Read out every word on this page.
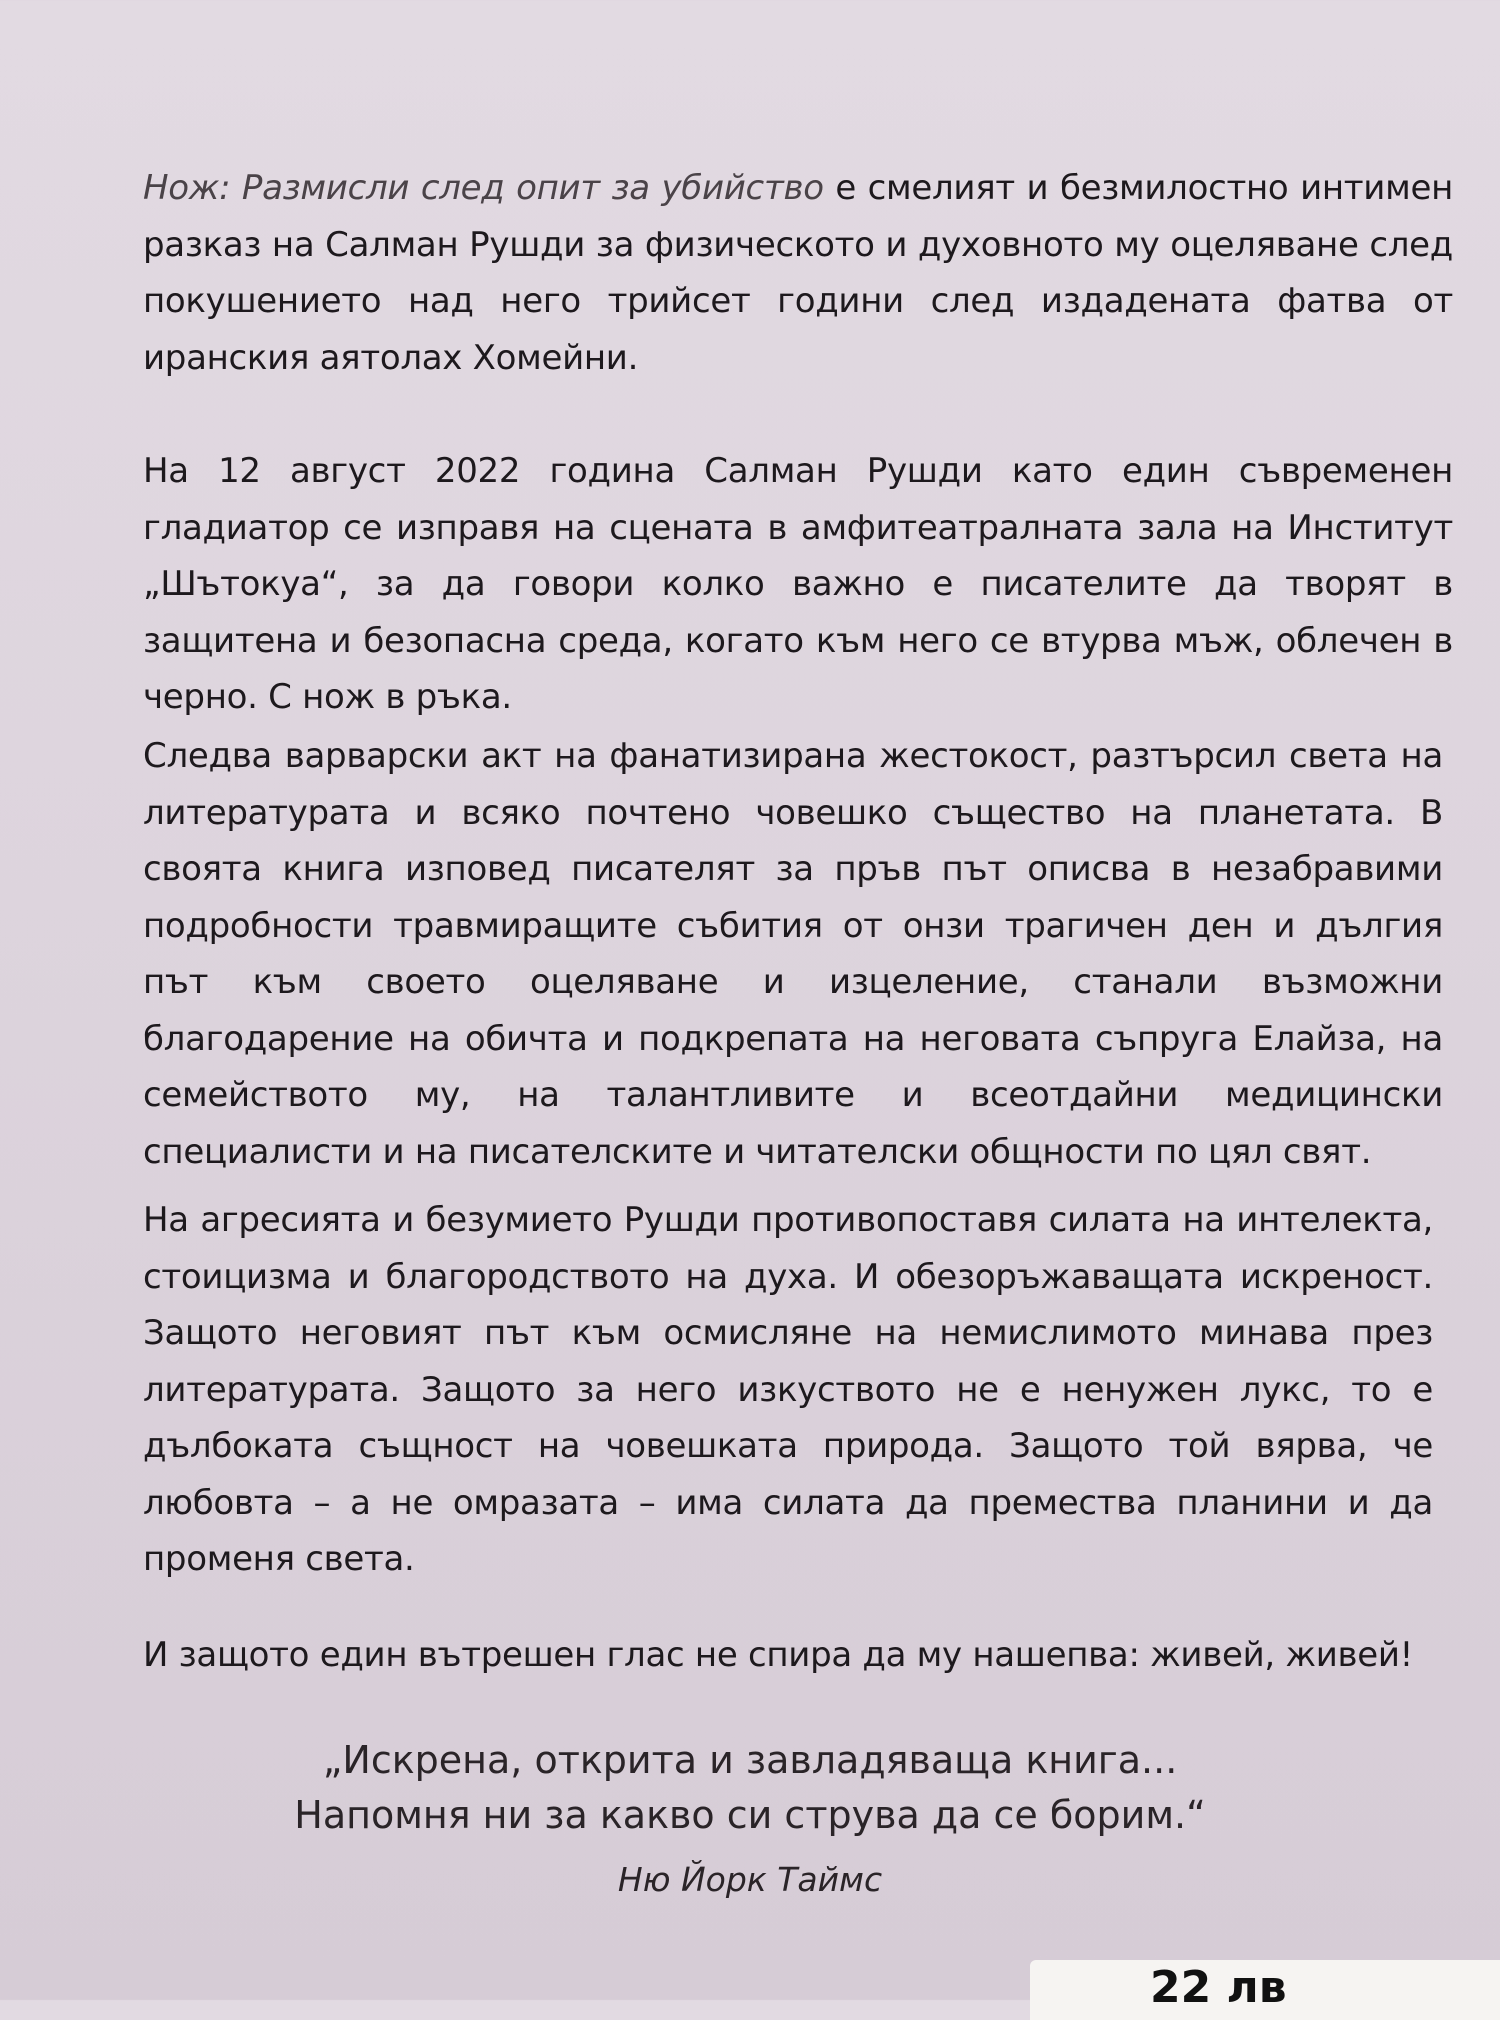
Нож: Размисли след опит за убийство е смелият и безмилостно интимен разказ на Салман Рушди за физическото и духовното му оцеляване след покушението над него трийсет години след издадената фатва от иранския аятолах Хомейни.
На 12 август 2022 година Салман Рушди като един съвременен гладиатор се изправя на сцената в амфитеатралната зала на Институт „Шътокуа“, за да говори колко важно е писателите да творят в защитена и безопасна среда, когато към него се втурва мъж, облечен в черно. С нож в ръка.
Следва варварски акт на фанатизирана жестокост, разтърсил света на литературата и всяко почтено човешко същество на планетата. В своята книга изповед писателят за пръв път описва в незабравими подробности травмиращите събития от онзи трагичен ден и дългия път към своето оцеляване и изцеление, станали възможни благодарение на обичта и подкрепата на неговата съпруга Елайза, на семейството му, на талантливите и всеотдайни медицински специалисти и на писателските и читателски общности по цял свят.
На агресията и безумието Рушди противопоставя силата на интелекта, стоицизма и благородството на духа. И обезоръжаващата искреност. Защото неговият път към осмисляне на немислимото минава през литературата. Защото за него изкуството не е ненужен лукс, то е дълбоката същност на човешката природа. Защото той вярва, че любовта – а не омразата – има силата да премества планини и да променя света.
И защото един вътрешен глас не спира да му нашепва: живей, живей!
„Искрена, открита и завладяваща книга...
Напомня ни за какво си струва да се борим.“
Ню Йорк Таймс
22 лв
